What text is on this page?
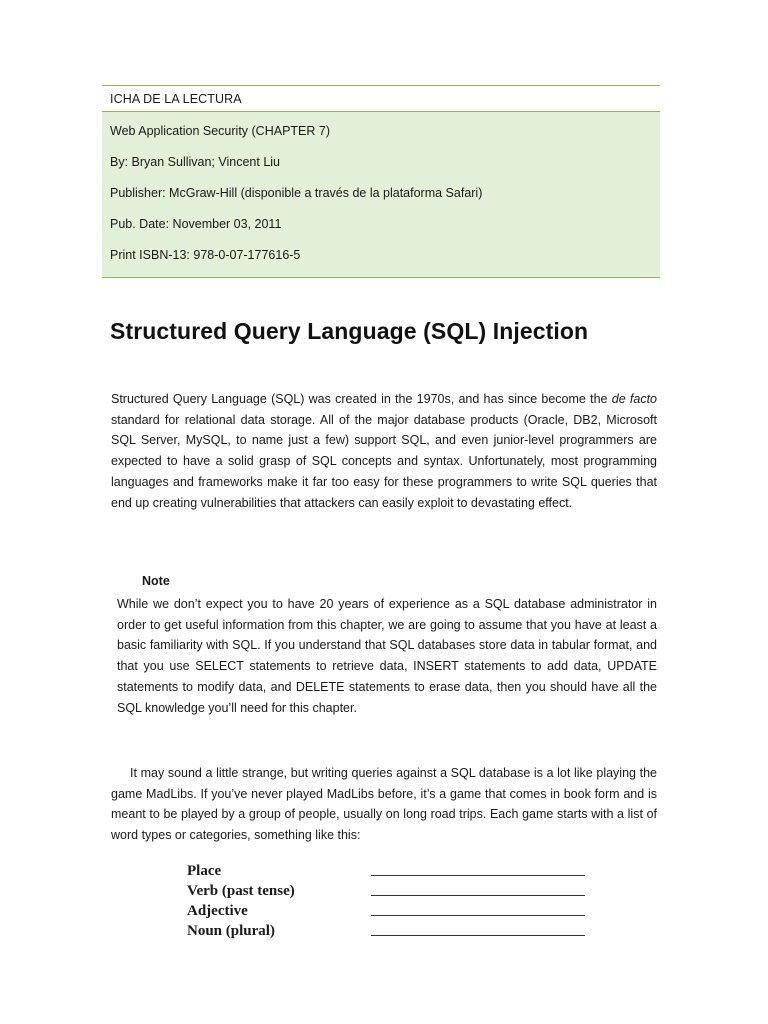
ICHA DE LA LECTURA
Web Application Security (CHAPTER 7)
By: Bryan Sullivan; Vincent Liu
Publisher: McGraw-Hill (disponible a través de la plataforma Safari)
Pub. Date: November 03, 2011
Print ISBN-13: 978-0-07-177616-5
Structured Query Language (SQL) Injection

Structured Query Language (SQL) was created in the 1970s, and has since become the de facto standard for relational data storage. All of the major database products (Oracle, DB2, Microsoft SQL Server, MySQL, to name just a few) support SQL, and even junior-level programmers are expected to have a solid grasp of SQL concepts and syntax. Unfortunately, most programming languages and frameworks make it far too easy for these programmers to write SQL queries that end up creating vulnerabilities that attackers can easily exploit to devastating effect.

Note

While we don’t expect you to have 20 years of experience as a SQL database administrator in order to get useful information from this chapter, we are going to assume that you have at least a basic familiarity with SQL. If you understand that SQL databases store data in tabular format, and that you use SELECT statements to retrieve data, INSERT statements to add data, UPDATE statements to modify data, and DELETE statements to erase data, then you should have all the SQL knowledge you’ll need for this chapter.

It may sound a little strange, but writing queries against a SQL database is a lot like playing the game MadLibs. If you’ve never played MadLibs before, it’s a game that comes in book form and is meant to be played by a group of people, usually on long road trips. Each game starts with a list of word types or categories, something like this:

Place
Verb (past tense)
Adjective
Noun (plural)
